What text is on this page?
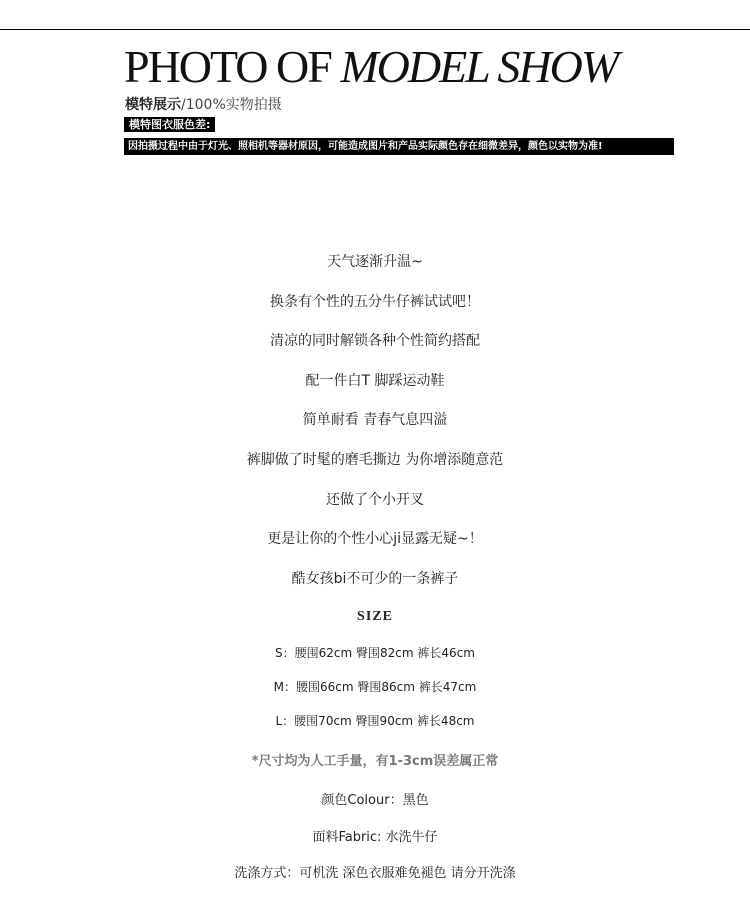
PHOTO OF MODEL SHOW
模特展示/100%实物拍摄
模特图衣服色差:
因拍摄过程中由于灯光、照相机等器材原因，可能造成图片和产品实际颜色存在细微差异，颜色以实物为准!
天气逐渐升温~
换条有个性的五分牛仔裤试试吧！
清凉的同时解锁各种个性简约搭配
配一件白T 脚踩运动鞋
简单耐看 青春气息四溢
裤脚做了时髦的磨毛撕边 为你增添随意范
还做了个小开叉
更是让你的个性小心ji显露无疑~！
酷女孩bi不可少的一条裤子
SIZE
S：腰围62cm 臀围82cm 裤长46cm
M：腰围66cm 臀围86cm 裤长47cm
L：腰围70cm 臀围90cm 裤长48cm
*尺寸均为人工手量，有1-3cm误差属正常
颜色Colour：黑色
面料Fabric: 水洗牛仔
洗涤方式：可机洗 深色衣服难免褪色 请分开洗涤
